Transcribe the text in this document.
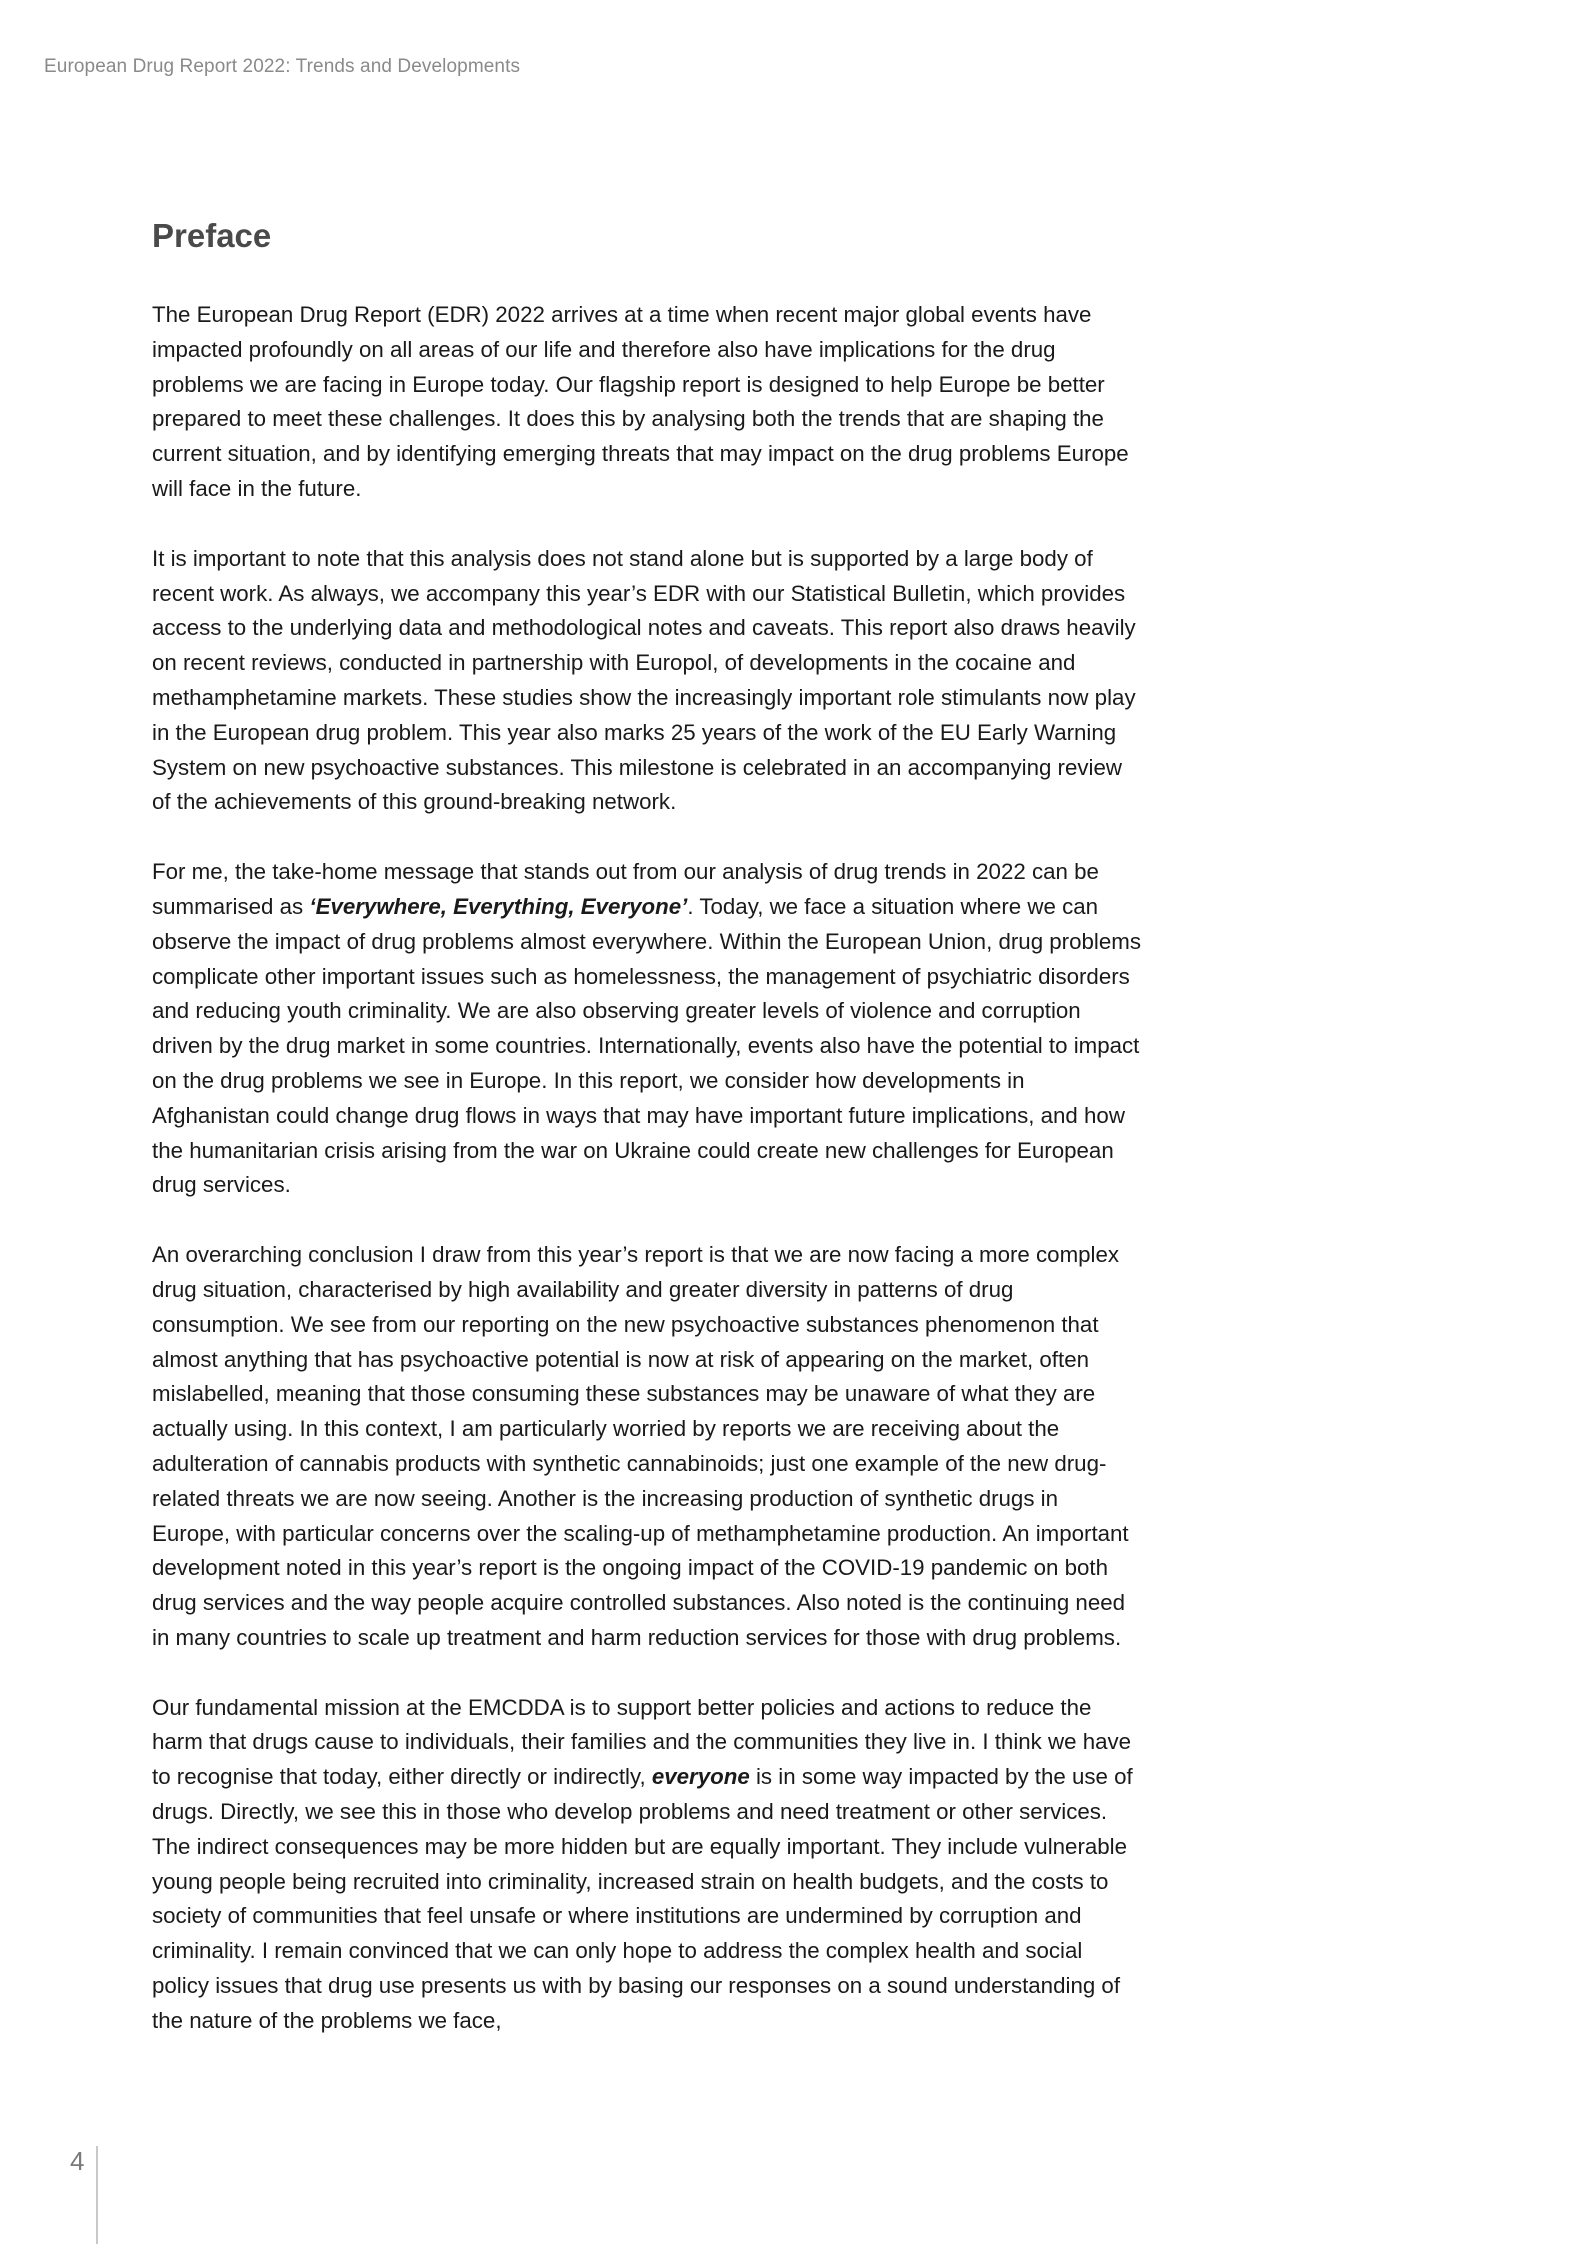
European Drug Report 2022: Trends and Developments
Preface

The European Drug Report (EDR) 2022 arrives at a time when recent major global events have impacted profoundly on all areas of our life and therefore also have implications for the drug problems we are facing in Europe today. Our flagship report is designed to help Europe be better prepared to meet these challenges. It does this by analysing both the trends that are shaping the current situation, and by identifying emerging threats that may impact on the drug problems Europe will face in the future.

It is important to note that this analysis does not stand alone but is supported by a large body of recent work. As always, we accompany this year’s EDR with our Statistical Bulletin, which provides access to the underlying data and methodological notes and caveats. This report also draws heavily on recent reviews, conducted in partnership with Europol, of developments in the cocaine and methamphetamine markets. These studies show the increasingly important role stimulants now play in the European drug problem. This year also marks 25 years of the work of the EU Early Warning System on new psychoactive substances. This milestone is celebrated in an accompanying review of the achievements of this ground-breaking network.

For me, the take-home message that stands out from our analysis of drug trends in 2022 can be summarised as ‘Everywhere, Everything, Everyone’. Today, we face a situation where we can observe the impact of drug problems almost everywhere. Within the European Union, drug problems complicate other important issues such as homelessness, the management of psychiatric disorders and reducing youth criminality. We are also observing greater levels of violence and corruption driven by the drug market in some countries. Internationally, events also have the potential to impact on the drug problems we see in Europe. In this report, we consider how developments in Afghanistan could change drug flows in ways that may have important future implications, and how the humanitarian crisis arising from the war on Ukraine could create new challenges for European drug services.

An overarching conclusion I draw from this year’s report is that we are now facing a more complex drug situation, characterised by high availability and greater diversity in patterns of drug consumption. We see from our reporting on the new psychoactive substances phenomenon that almost anything that has psychoactive potential is now at risk of appearing on the market, often mislabelled, meaning that those consuming these substances may be unaware of what they are actually using. In this context, I am particularly worried by reports we are receiving about the adulteration of cannabis products with synthetic cannabinoids; just one example of the new drug-related threats we are now seeing. Another is the increasing production of synthetic drugs in Europe, with particular concerns over the scaling-up of methamphetamine production. An important development noted in this year’s report is the ongoing impact of the COVID-19 pandemic on both drug services and the way people acquire controlled substances. Also noted is the continuing need in many countries to scale up treatment and harm reduction services for those with drug problems.

Our fundamental mission at the EMCDDA is to support better policies and actions to reduce the harm that drugs cause to individuals, their families and the communities they live in. I think we have to recognise that today, either directly or indirectly, everyone is in some way impacted by the use of drugs. Directly, we see this in those who develop problems and need treatment or other services. The indirect consequences may be more hidden but are equally important. They include vulnerable young people being recruited into criminality, increased strain on health budgets, and the costs to society of communities that feel unsafe or where institutions are undermined by corruption and criminality. I remain convinced that we can only hope to address the complex health and social policy issues that drug use presents us with by basing our responses on a sound understanding of the nature of the problems we face,

4
